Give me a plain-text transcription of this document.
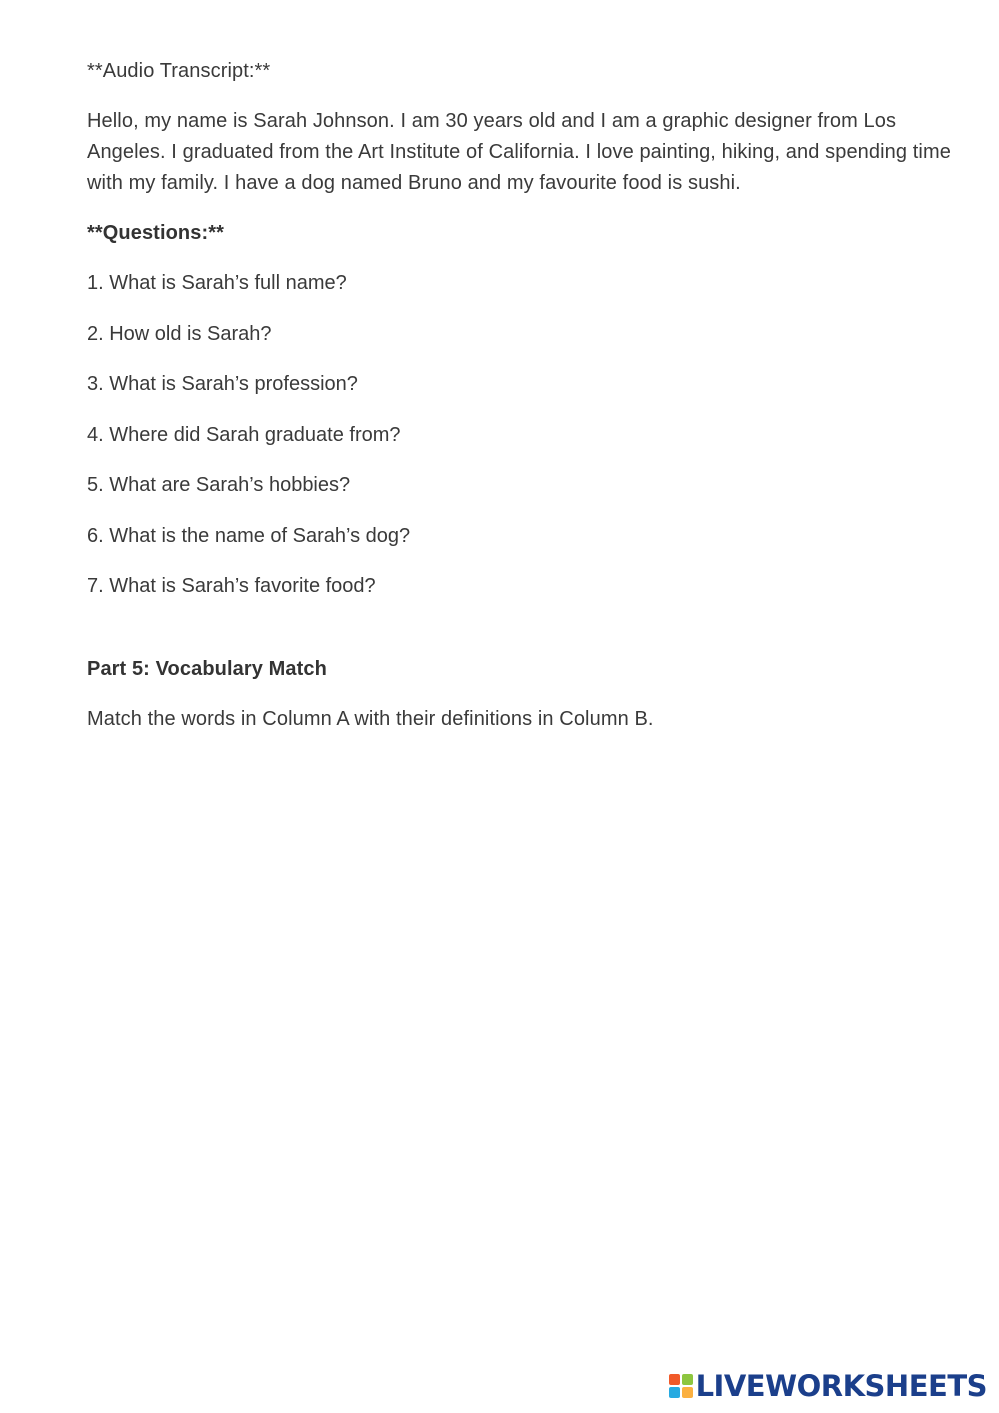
**Audio Transcript:**

Hello, my name is Sarah Johnson. I am 30 years old and I am a graphic designer from Los Angeles. I graduated from the Art Institute of California. I love painting, hiking, and spending time with my family. I have a dog named Bruno and my favourite food is sushi.

**Questions:**

1. What is Sarah’s full name?
2. How old is Sarah?
3. What is Sarah’s profession?
4. Where did Sarah graduate from?
5. What are Sarah’s hobbies?
6. What is the name of Sarah’s dog?
7. What is Sarah’s favorite food?

Part 5: Vocabulary Match

Match the words in Column A with their definitions in Column B.

LIVEWORKSHEETS
